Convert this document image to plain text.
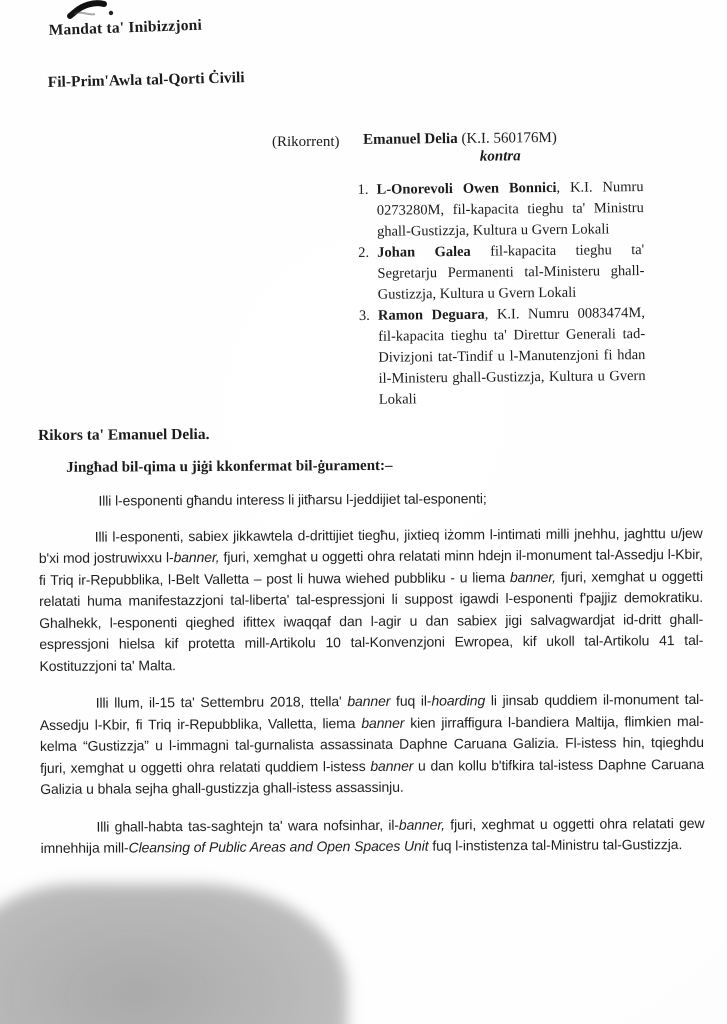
Mandat ta' Inibizzjoni
Fil-Prim'Awla tal-Qorti Ċivili
(Rikorrent) Emanuel Delia (K.I. 560176M)
kontra
1. L-Onorevoli Owen Bonnici, K.I. Numru 0273280M, fil-kapacita tieghu ta' Ministru ghall-Gustizzja, Kultura u Gvern Lokali
2. Johan Galea fil-kapacita tieghu ta' Segretarju Permanenti tal-Ministeru ghall-Gustizzja, Kultura u Gvern Lokali
3. Ramon Deguara, K.I. Numru 0083474M, fil-kapacita tieghu ta' Direttur Generali tad-Divizjoni tat-Tindif u l-Manutenzjoni fi hdan il-Ministeru ghall-Gustizzja, Kultura u Gvern Lokali
Rikors ta' Emanuel Delia.
Jingħad bil-qima u jiġi kkonfermat bil-ġurament:–

Illi l-esponenti għandu interess li jitħarsu l-jeddijiet tal-esponenti;

Illi l-esponenti, sabiex jikkawtela d-drittijiet tiegħu, jixtieq iżomm l-intimati milli jnehhu, jaghttu u/jew b'xi mod jostruwixxu l-banner, fjuri, xemghat u oggetti ohra relatati minn hdejn il-monument tal-Assedju l-Kbir, fi Triq ir-Repubblika, l-Belt Valletta – post li huwa wiehed pubbliku - u liema banner, fjuri, xemghat u oggetti relatati huma manifestazzjoni tal-liberta' tal-espressjoni li suppost igawdi l-esponenti f'pajjiz demokratiku. Ghalhekk, l-esponenti qieghed ifittex iwaqqaf dan l-agir u dan sabiex jigi salvagwardjat id-dritt ghall-espressjoni hielsa kif protetta mill-Artikolu 10 tal-Konvenzjoni Ewropea, kif ukoll tal-Artikolu 41 tal-Kostituzzjoni ta' Malta.

Illi llum, il-15 ta' Settembru 2018, ttella' banner fuq il-hoarding li jinsab quddiem il-monument tal-Assedju l-Kbir, fi Triq ir-Repubblika, Valletta, liema banner kien jirraffigura l-bandiera Maltija, flimkien mal-kelma “Gustizzja” u l-immagni tal-gurnalista assassinata Daphne Caruana Galizia. Fl-istess hin, tqieghdu fjuri, xemghat u oggetti ohra relatati quddiem l-istess banner u dan kollu b'tifkira tal-istess Daphne Caruana Galizia u bhala sejha ghall-gustizzja ghall-istess assassinju.

Illi ghall-habta tas-saghtejn ta' wara nofsinhar, il-banner, fjuri, xeghmat u oggetti ohra relatati gew imnehhija mill-Cleansing of Public Areas and Open Spaces Unit fuq l-instistenza tal-Ministru tal-Gustizzja.
